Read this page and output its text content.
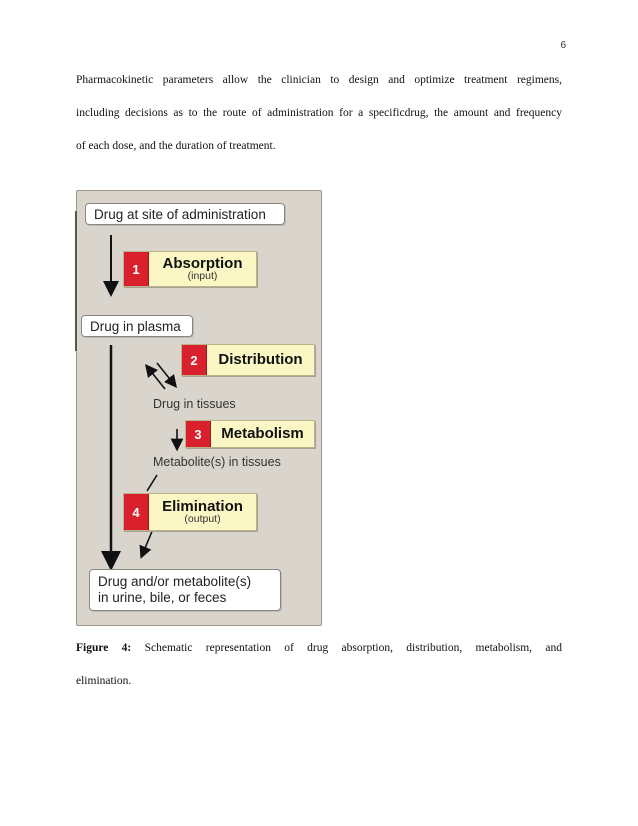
6
Pharmacokinetic parameters allow the clinician to design and optimize treatment regimens,
including decisions as to the route of administration for a specificdrug, the amount and frequency
of each dose, and the duration of treatment.
Drug at site of administration
1	Absorption
(input)
Drug in plasma
2	Distribution
Drug in tissues
3	Metabolism
Metabolite(s) in tissues
4	Elimination
(output)
Drug and/or metabolite(s)
in urine, bile, or feces
Figure 4: Schematic representation of drug absorption, distribution, metabolism, and
elimination.
